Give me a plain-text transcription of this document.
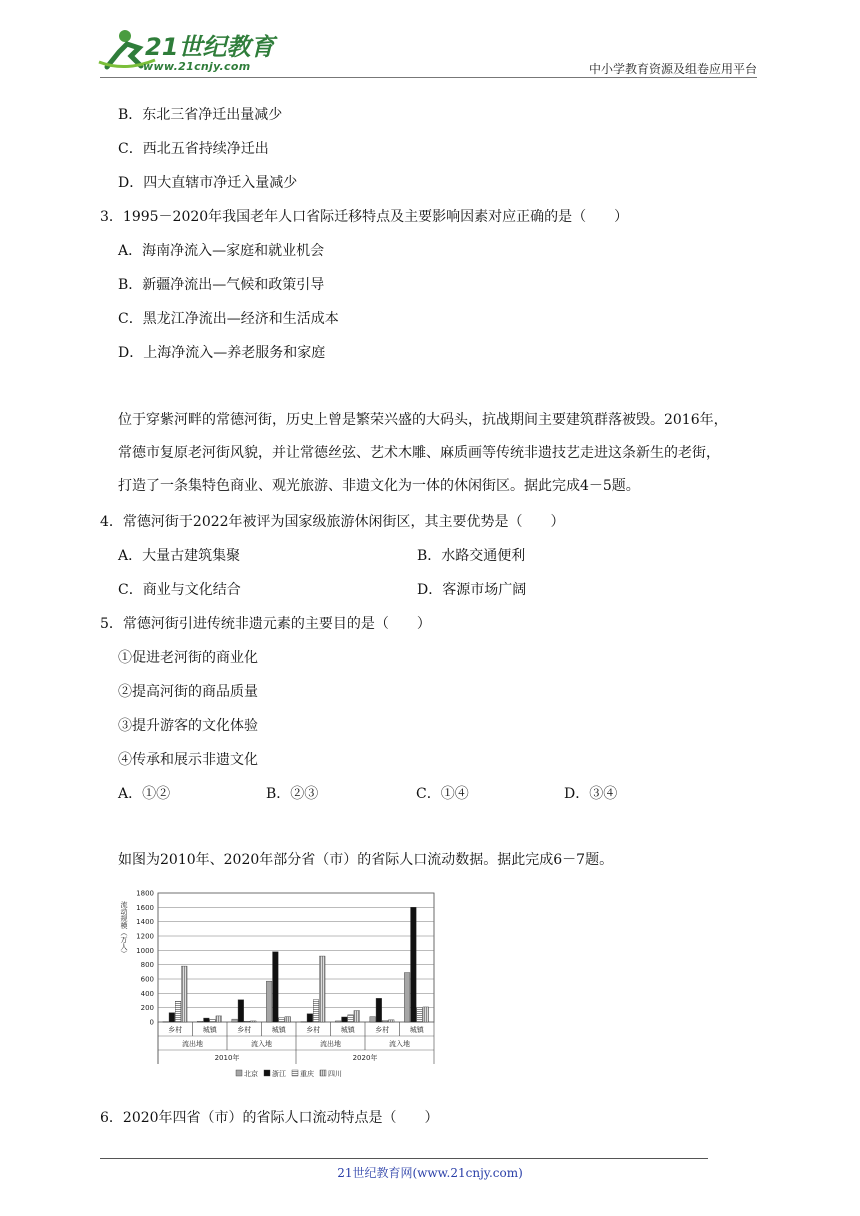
21世纪教育
www.21cnjy.com	中小学教育资源及组卷应用平台
B．东北三省净迁出量减少
C．西北五省持续净迁出
D．四大直辖市净迁入量减少
3．1995－2020年我国老年人口省际迁移特点及主要影响因素对应正确的是（　　）
A．海南净流入—家庭和就业机会
B．新疆净流出—气候和政策引导
C．黑龙江净流出—经济和生活成本
D．上海净流入—养老服务和家庭
位于穿紫河畔的常德河街，历史上曾是繁荣兴盛的大码头，抗战期间主要建筑群落被毁。2016年，
常德市复原老河街风貌，并让常德丝弦、艺术木雕、麻质画等传统非遗技艺走进这条新生的老街，
打造了一条集特色商业、观光旅游、非遗文化为一体的休闲街区。据此完成4－5题。
4．常德河街于2022年被评为国家级旅游休闲街区，其主要优势是（　　）
A．大量古建筑集聚	B．水路交通便利
C．商业与文化结合	D．客源市场广阔
5．常德河街引进传统非遗元素的主要目的是（　　）
①促进老河街的商业化
②提高河街的商品质量
③提升游客的文化体验
④传承和展示非遗文化
A．①②	B．②③	C．①④	D．③④
如图为2010年、2020年部分省（市）的省际人口流动数据。据此完成6－7题。
1800
1600
1400
1200
1000
800
600
400
200
0
流动规模（万人）
乡村	城镇	乡村	城镇	乡村	城镇	乡村	城镇
流出地	流入地	流出地	流入地
2010年	2020年
北京 浙江 重庆 四川
6．2020年四省（市）的省际人口流动特点是（　　）
21世纪教育网(www.21cnjy.com)
